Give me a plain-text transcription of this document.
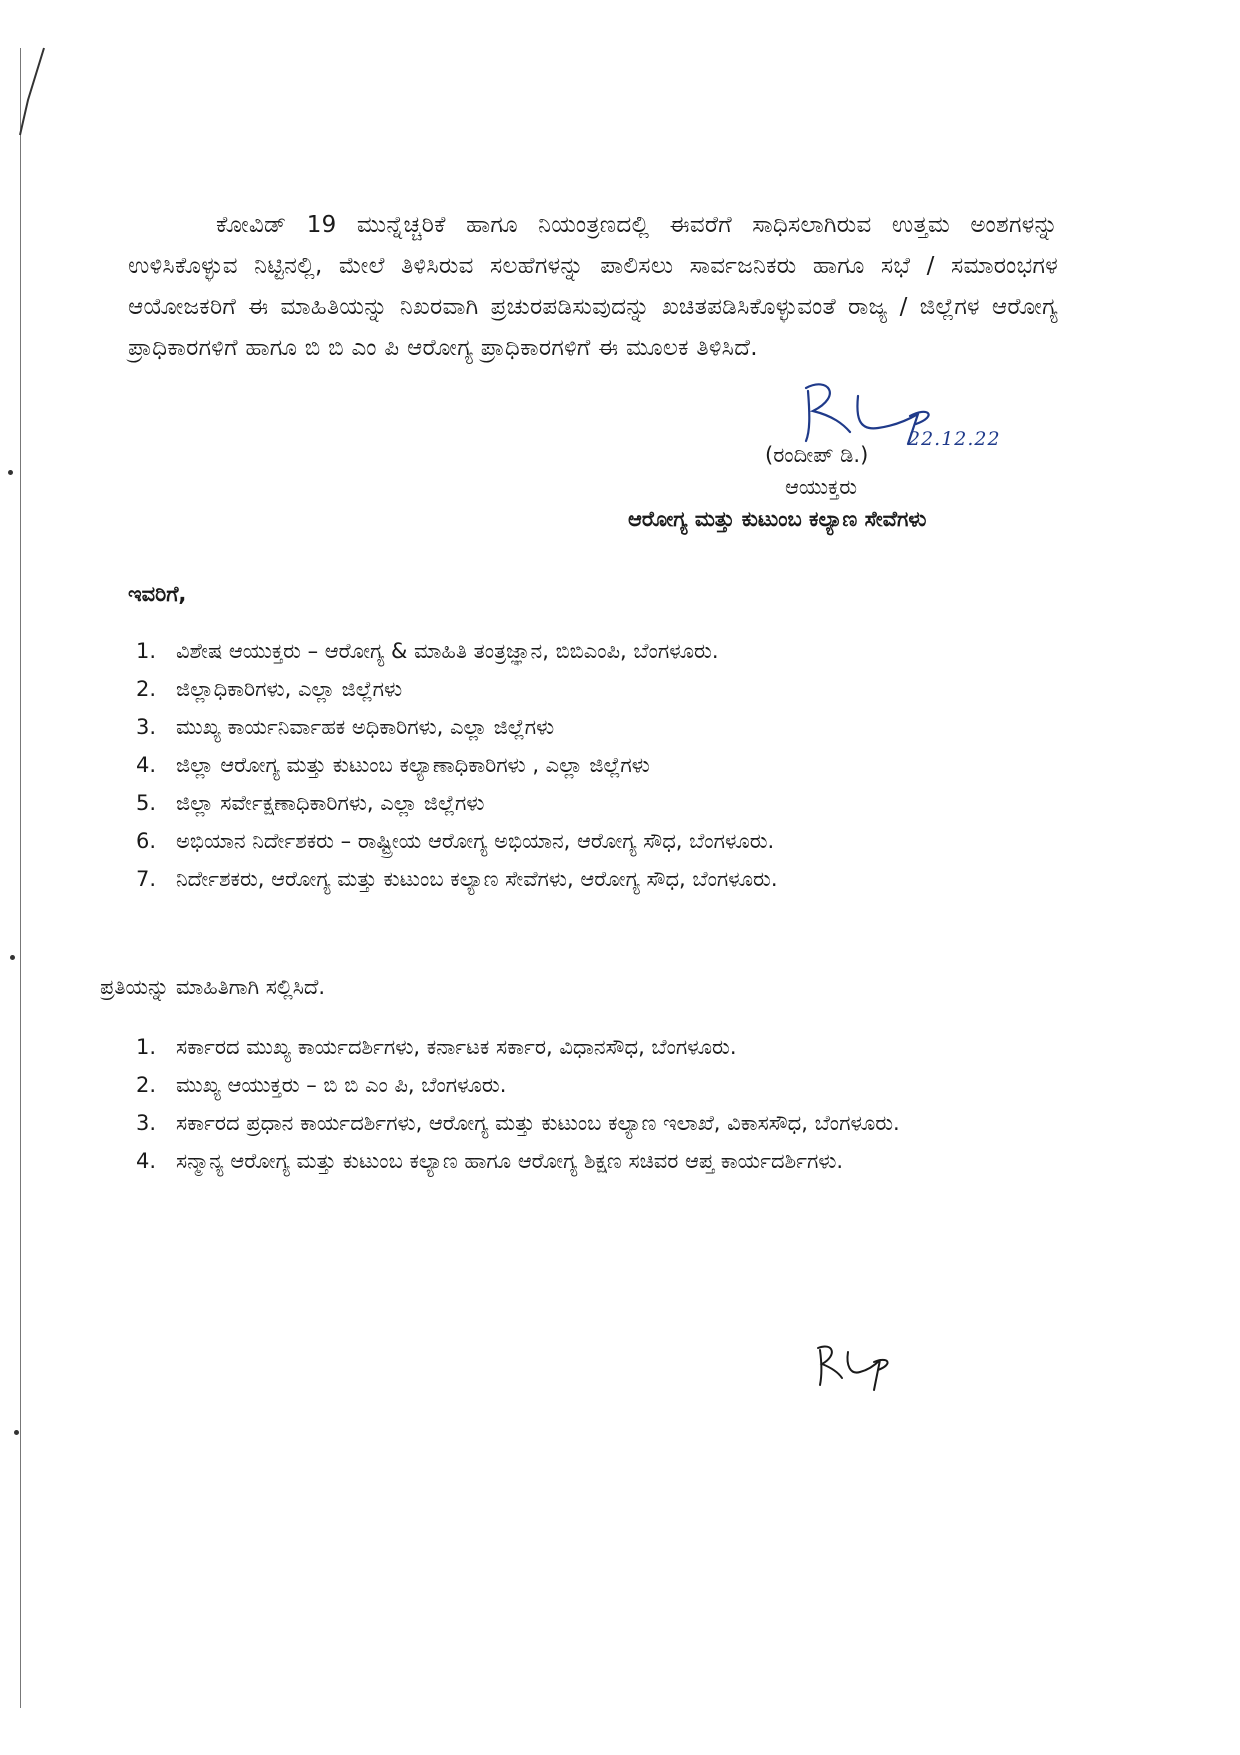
ಕೋವಿಡ್ 19 ಮುನ್ನೆಚ್ಚರಿಕೆ ಹಾಗೂ ನಿಯಂತ್ರಣದಲ್ಲಿ ಈವರೆಗೆ ಸಾಧಿಸಲಾಗಿರುವ ಉತ್ತಮ ಅಂಶಗಳನ್ನು ಉಳಿಸಿಕೊಳ್ಳುವ ನಿಟ್ಟಿನಲ್ಲಿ, ಮೇಲೆ ತಿಳಿಸಿರುವ ಸಲಹೆಗಳನ್ನು ಪಾಲಿಸಲು ಸಾರ್ವಜನಿಕರು ಹಾಗೂ ಸಭೆ / ಸಮಾರಂಭಗಳ ಆಯೋಜಕರಿಗೆ ಈ ಮಾಹಿತಿಯನ್ನು ನಿಖರವಾಗಿ ಪ್ರಚುರಪಡಿಸುವುದನ್ನು ಖಚಿತಪಡಿಸಿಕೊಳ್ಳುವಂತೆ ರಾಜ್ಯ / ಜಿಲ್ಲೆಗಳ ಆರೋಗ್ಯ ಪ್ರಾಧಿಕಾರಗಳಿಗೆ ಹಾಗೂ ಬಿ ಬಿ ಎಂ ಪಿ ಆರೋಗ್ಯ ಪ್ರಾಧಿಕಾರಗಳಿಗೆ ಈ ಮೂಲಕ ತಿಳಿಸಿದೆ.

22.12.22
(ರಂದೀಪ್ ಡಿ.)
ಆಯುಕ್ತರು
ಆರೋಗ್ಯ ಮತ್ತು ಕುಟುಂಬ ಕಲ್ಯಾಣ ಸೇವೆಗಳು
ಇವರಿಗೆ,
1. ವಿಶೇಷ ಆಯುಕ್ತರು – ಆರೋಗ್ಯ & ಮಾಹಿತಿ ತಂತ್ರಜ್ಞಾನ, ಬಿಬಿಎಂಪಿ, ಬೆಂಗಳೂರು.
2. ಜಿಲ್ಲಾಧಿಕಾರಿಗಳು, ಎಲ್ಲಾ ಜಿಲ್ಲೆಗಳು
3. ಮುಖ್ಯ ಕಾರ್ಯನಿರ್ವಾಹಕ ಅಧಿಕಾರಿಗಳು, ಎಲ್ಲಾ ಜಿಲ್ಲೆಗಳು
4. ಜಿಲ್ಲಾ ಆರೋಗ್ಯ ಮತ್ತು ಕುಟುಂಬ ಕಲ್ಯಾಣಾಧಿಕಾರಿಗಳು , ಎಲ್ಲಾ ಜಿಲ್ಲೆಗಳು
5. ಜಿಲ್ಲಾ ಸರ್ವೇಕ್ಷಣಾಧಿಕಾರಿಗಳು, ಎಲ್ಲಾ ಜಿಲ್ಲೆಗಳು
6. ಅಭಿಯಾನ ನಿರ್ದೇಶಕರು – ರಾಷ್ಟ್ರೀಯ ಆರೋಗ್ಯ ಅಭಿಯಾನ, ಆರೋಗ್ಯ ಸೌಧ, ಬೆಂಗಳೂರು.
7. ನಿರ್ದೇಶಕರು, ಆರೋಗ್ಯ ಮತ್ತು ಕುಟುಂಬ ಕಲ್ಯಾಣ ಸೇವೆಗಳು, ಆರೋಗ್ಯ ಸೌಧ, ಬೆಂಗಳೂರು.
ಪ್ರತಿಯನ್ನು ಮಾಹಿತಿಗಾಗಿ ಸಲ್ಲಿಸಿದೆ.
1. ಸರ್ಕಾರದ ಮುಖ್ಯ ಕಾರ್ಯದರ್ಶಿಗಳು, ಕರ್ನಾಟಕ ಸರ್ಕಾರ, ವಿಧಾನಸೌಧ, ಬೆಂಗಳೂರು.
2. ಮುಖ್ಯ ಆಯುಕ್ತರು – ಬಿ ಬಿ ಎಂ ಪಿ, ಬೆಂಗಳೂರು.
3. ಸರ್ಕಾರದ ಪ್ರಧಾನ ಕಾರ್ಯದರ್ಶಿಗಳು, ಆರೋಗ್ಯ ಮತ್ತು ಕುಟುಂಬ ಕಲ್ಯಾಣ ಇಲಾಖೆ, ವಿಕಾಸಸೌಧ, ಬೆಂಗಳೂರು.
4. ಸನ್ಮಾನ್ಯ ಆರೋಗ್ಯ ಮತ್ತು ಕುಟುಂಬ ಕಲ್ಯಾಣ ಹಾಗೂ ಆರೋಗ್ಯ ಶಿಕ್ಷಣ ಸಚಿವರ ಆಪ್ತ ಕಾರ್ಯದರ್ಶಿಗಳು.
